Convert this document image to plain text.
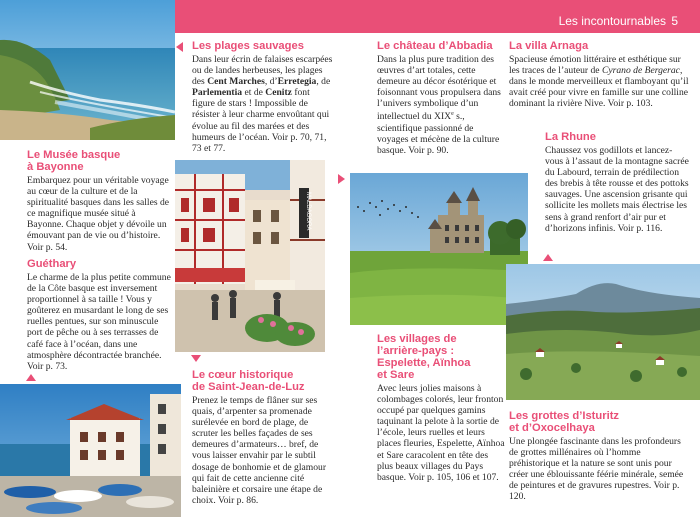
Les incontournables 5
Les plages sauvages
Dans leur écrin de falaises escarpées ou de landes herbeuses, les plages des Cent Marches, d’Erretegia, de Parlementia et de Cenitz font figure de stars ! Impossible de résister à leur charme envoûtant qui évolue au fil des marées et des humeurs de l’océan. Voir p. 70, 71, 73 et 77.
Le château d’Abbadia
Dans la plus pure tradition des œuvres d’art totales, cette demeure au décor ésotérique et foisonnant vous propulsera dans l’univers symbolique d’un intellectuel du XIXe s., scientifique passionné de voyages et mécène de la culture basque. Voir p. 90.
La villa Arnaga
Spacieuse émotion littéraire et esthétique sur les traces de l’auteur de Cyrano de Bergerac, dans le monde merveilleux et flamboyant qu’il avait créé pour vivre en famille sur une colline dominant la rivière Nive. Voir p. 103.
La Rhune
Chaussez vos godillots et lancez-vous à l’assaut de la montagne sacrée du Labourd, terrain de prédilection des brebis à tête rousse et des pottoks sauvages. Une ascension grisante qui sollicite les mollets mais électrise les sens à grand renfort d’air pur et d’horizons infinis. Voir p. 116.
MALDAGORA
Le Musée basque
à Bayonne
Embarquez pour un véritable voyage au cœur de la culture et de la spiritualité basques dans les salles de ce magnifique musée situé à Bayonne. Chaque objet y dévoile un émouvant pan de vie ou d’histoire. Voir p. 54.
Guéthary
Le charme de la plus petite commune de la Côte basque est inversement proportionnel à sa taille ! Vous y goûterez en musardant le long de ses ruelles pentues, sur son minuscule port de pêche ou à ses terrasses de café face à l’océan, dans une atmosphère décontractée branchée. Voir p. 73.
Le cœur historique
de Saint-Jean-de-Luz
Prenez le temps de flâner sur ses quais, d’arpenter sa promenade surélevée en bord de plage, de scruter les belles façades de ses demeures d’armateurs… bref, de vous laisser envahir par le subtil dosage de bonhomie et de glamour qui fait de cette ancienne cité baleinière et corsaire une étape de choix. Voir p. 86.
Les villages de
l’arrière-pays :
Espelette, Aïnhoa
et Sare
Avec leurs jolies maisons à colombages colorés, leur fronton occupé par quelques gamins taquinant la pelote à la sortie de l’école, leurs ruelles et leurs places fleuries, Espelette, Aïnhoa et Sare caracolent en tête des plus beaux villages du Pays basque. Voir p. 105, 106 et 107.
Les grottes d’Isturitz
et d’Oxocelhaya
Une plongée fascinante dans les profondeurs de grottes millénaires où l’homme préhistorique et la nature se sont unis pour créer une éblouissante féérie minérale, semée de peintures et de gravures rupestres. Voir p. 120.
